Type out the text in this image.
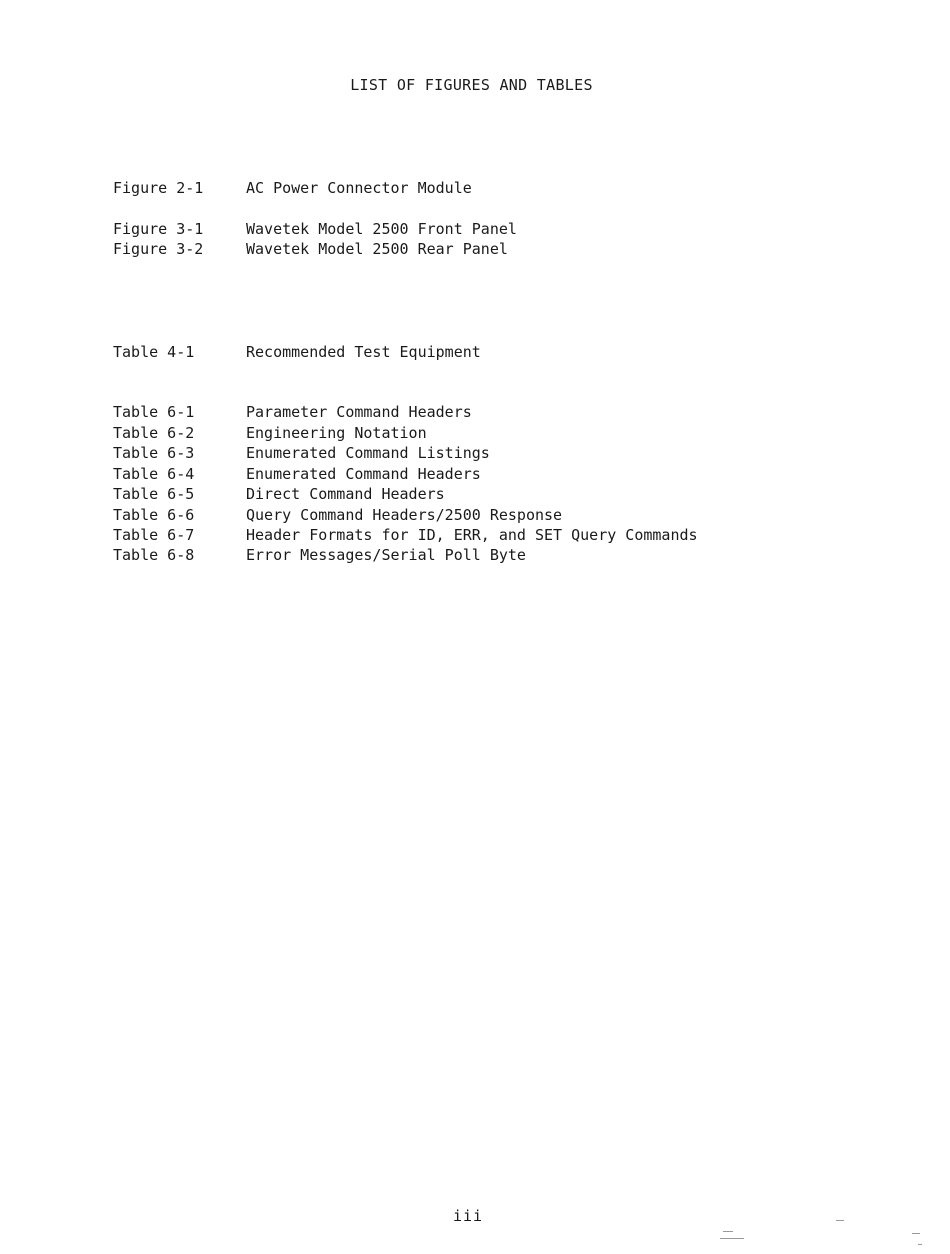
LIST OF FIGURES AND TABLES
Figure 2-1	AC Power Connector Module
Figure 3-1	Wavetek Model 2500 Front Panel
Figure 3-2	Wavetek Model 2500 Rear Panel
Table 4-1	Recommended Test Equipment
Table 6-1	Parameter Command Headers
Table 6-2	Engineering Notation
Table 6-3	Enumerated Command Listings
Table 6-4	Enumerated Command Headers
Table 6-5	Direct Command Headers
Table 6-6	Query Command Headers/2500 Response
Table 6-7	Header Formats for ID, ERR, and SET Query Commands
Table 6-8	Error Messages/Serial Poll Byte
iii
